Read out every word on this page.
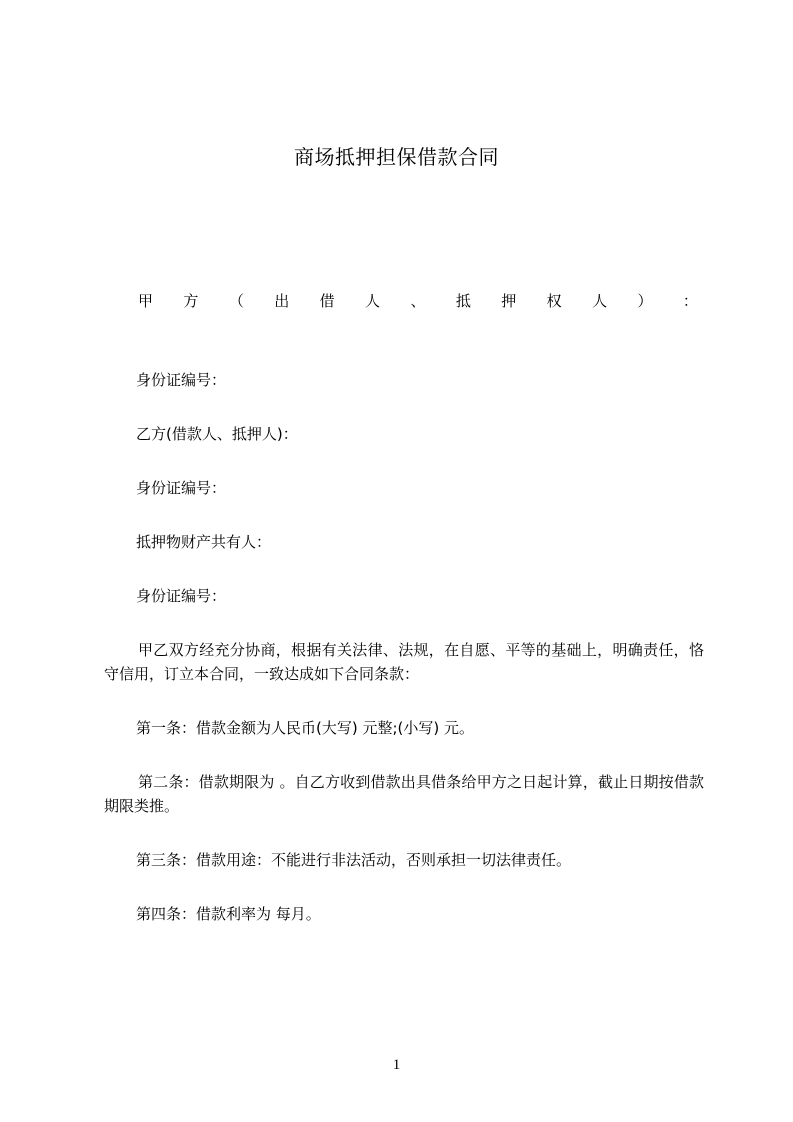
商场抵押担保借款合同
甲 方 （ 出 借 人 、 抵 押 权 人 ） ：
身份证编号：
乙方(借款人、抵押人)：
身份证编号：
抵押物财产共有人：
身份证编号：
甲乙双方经充分协商，根据有关法律、法规，在自愿、平等的基础上，明确责任，恪守信用，订立本合同，一致达成如下合同条款：
第一条：借款金额为人民币(大写) 元整;(小写) 元。
第二条：借款期限为 。自乙方收到借款出具借条给甲方之日起计算，截止日期按借款期限类推。
第三条：借款用途：不能进行非法活动，否则承担一切法律责任。
第四条：借款利率为 每月。
1
